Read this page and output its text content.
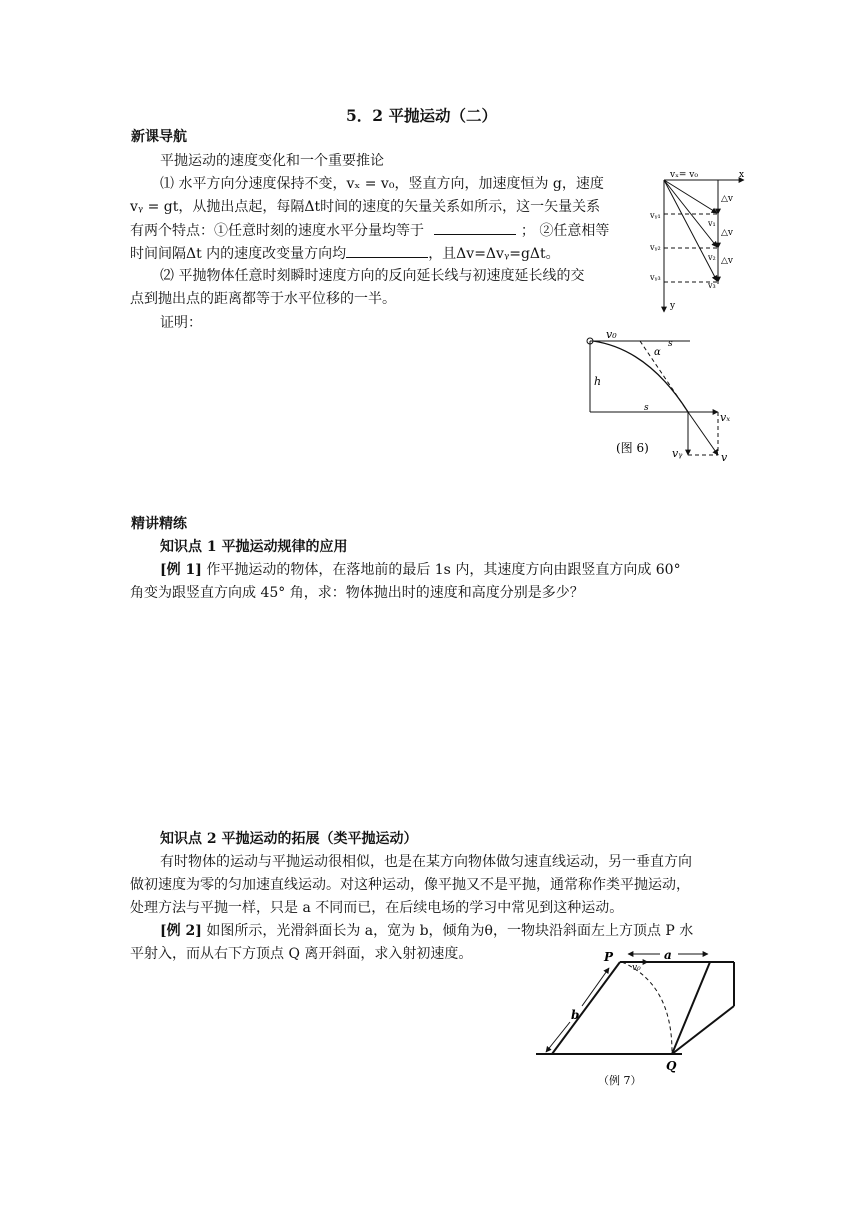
5．2 平抛运动（二）
新课导航
平抛运动的速度变化和一个重要推论
⑴ 水平方向分速度保持不变，vₓ = v₀，竖直方向，加速度恒为 g，速度
vᵧ = gt，从抛出点起，每隔Δt时间的速度的矢量关系如所示，这一矢量关系
有两个特点：①任意时刻的速度水平分量均等于	； ②任意相等
时间间隔Δt 内的速度改变量方向均	，且Δv=Δvᵧ=gΔt。
⑵ 平抛物体任意时刻瞬时速度方向的反向延长线与初速度延长线的交
点到抛出点的距离都等于水平位移的一半。
证明：
vₓ= v₀	x
y
△v
△v
△v
vᵧ₁
vᵧ₂
vᵧ₃
v₁
v₂
v₃
v₀
s
α
h
s
vₓ
vᵧ	v
(图 6)
精讲精练
知识点 1 平抛运动规律的应用
[例 1] 作平抛运动的物体，在落地前的最后 1s 内，其速度方向由跟竖直方向成 60°
角变为跟竖直方向成 45° 角，求：物体抛出时的速度和高度分别是多少？
知识点 2 平抛运动的拓展（类平抛运动）
有时物体的运动与平抛运动很相似，也是在某方向物体做匀速直线运动，另一垂直方向
做初速度为零的匀加速直线运动。对这种运动，像平抛又不是平抛，通常称作类平抛运动，
处理方法与平抛一样，只是 a 不同而已，在后续电场的学习中常见到这种运动。
[例 2] 如图所示，光滑斜面长为 a，宽为 b，倾角为θ，一物块沿斜面左上方顶点 P 水
平射入，而从右下方顶点 Q 离开斜面，求入射初速度。	P	a
b
v₀
Q
（例 7）
